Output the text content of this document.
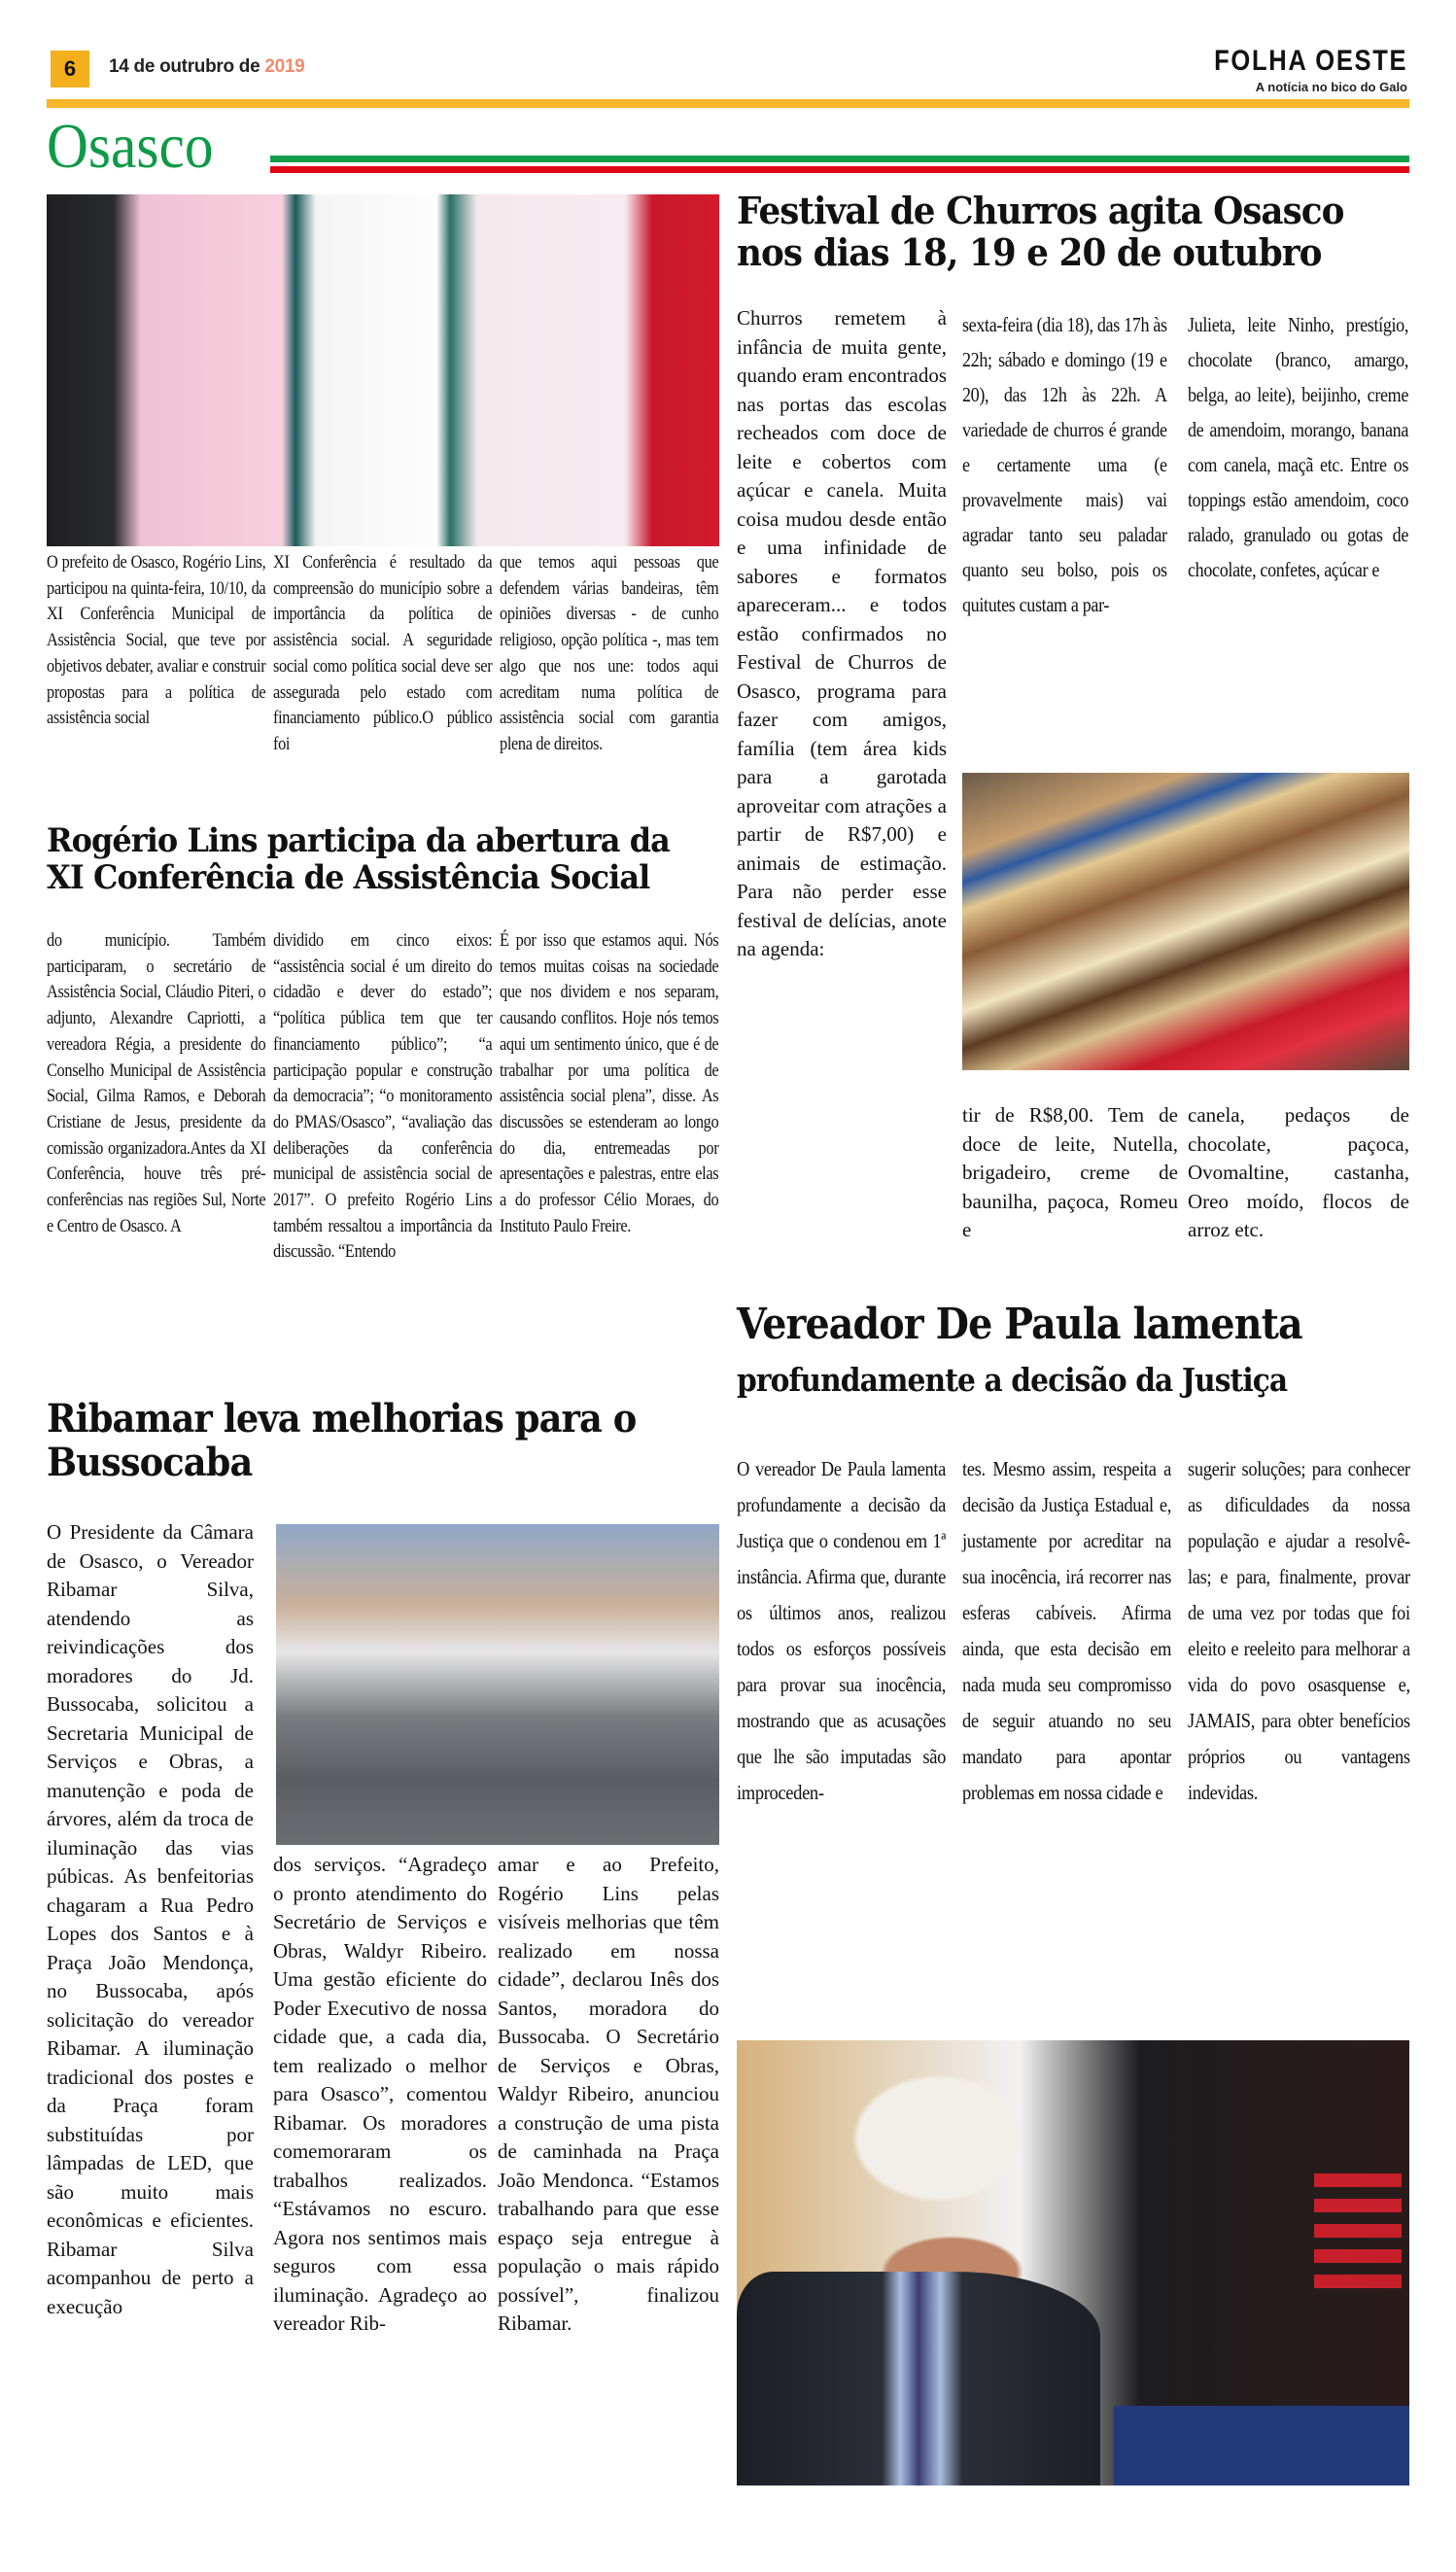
6	14 de outrubro de 2019	FOLHA OESTE
A notícia no bico do Galo
Osasco
O prefeito de Osasco, Rogério Lins, participou na quinta-feira, 10/10, da XI Conferência Municipal de Assistência Social, que teve por objetivos debater, avaliar e construir propostas para a política de assistência social
XI Conferência é resultado da compreensão do município sobre a importância da política de assistência social. A seguridade social como política social deve ser assegurada pelo estado com financiamento público.O público foi
que temos aqui pessoas que defendem várias bandeiras, têm opiniões diversas - de cunho religioso, opção política -, mas tem algo que nos une: todos aqui acreditam numa política de assistência social com garantia plena de direitos.
Rogério Lins participa da abertura da XI Conferência de Assistência Social
do município. Também participaram, o secretário de Assistência Social, Cláudio Piteri, o adjunto, Alexandre Capriotti, a vereadora Régia, a presidente do Conselho Municipal de Assistência Social, Gilma Ramos, e Deborah Cristiane de Jesus, presidente da comissão organizadora.Antes da XI Conferência, houve três pré-conferências nas regiões Sul, Norte e Centro de Osasco. A
dividido em cinco eixos: “assistência social é um direito do cidadão e dever do estado”; “política pública tem que ter financiamento público”; “a participação popular e construção da democracia”; “o monitoramento do PMAS/Osasco”, “avaliação das deliberações da conferência municipal de assistência social de 2017”. O prefeito Rogério Lins também ressaltou a importância da discussão. “Entendo
É por isso que estamos aqui. Nós temos muitas coisas na sociedade que nos dividem e nos separam, causando conflitos. Hoje nós temos aqui um sentimento único, que é de trabalhar por uma política de assistência social plena”, disse. As discussões se estenderam ao longo do dia, entremeadas por apresentações e palestras, entre elas a do professor Célio Moraes, do Instituto Paulo Freire.
Ribamar leva melhorias para o Bussocaba
O Presidente da Câmara de Osasco, o Vereador Ribamar Silva, atendendo as reivindicações dos moradores do Jd. Bussocaba, solicitou a Secretaria Municipal de Serviços e Obras, a manutenção e poda de árvores, além da troca de iluminação das vias púbicas. As benfeitorias chagaram a Rua Pedro Lopes dos Santos e à Praça João Mendonça, no Bussocaba, após solicitação do vereador Ribamar. A iluminação tradicional dos postes e da Praça foram substituídas por lâmpadas de LED, que são muito mais econômicas e eficientes. Ribamar Silva acompanhou de perto a execução
dos serviços. “Agradeço o pronto atendimento do Secretário de Serviços e Obras, Waldyr Ribeiro. Uma gestão eficiente do Poder Executivo de nossa cidade que, a cada dia, tem realizado o melhor para Osasco”, comentou Ribamar. Os moradores comemoraram os trabalhos realizados. “Estávamos no escuro. Agora nos sentimos mais seguros com essa iluminação. Agradeço ao vereador Rib-
amar e ao Prefeito, Rogério Lins pelas visíveis melhorias que têm realizado em nossa cidade”, declarou Inês dos Santos, moradora do Bussocaba. O Secretário de Serviços e Obras, Waldyr Ribeiro, anunciou a construção de uma pista de caminhada na Praça João Mendonca. “Estamos trabalhando para que esse espaço seja entregue à população o mais rápido possível”, finalizou Ribamar.
Festival de Churros agita Osasco nos dias 18, 19 e 20 de outubro
Churros remetem à infância de muita gente, quando eram encontrados nas portas das escolas recheados com doce de leite e cobertos com açúcar e canela. Muita coisa mudou desde então e uma infinidade de sabores e formatos apareceram... e todos estão confirmados no Festival de Churros de Osasco, programa para fazer com amigos, família (tem área kids para a garotada aproveitar com atrações a partir de R$7,00) e animais de estimação. Para não perder esse festival de delícias, anote na agenda:
sexta-feira (dia 18), das 17h às 22h; sábado e domingo (19 e 20), das 12h às 22h. A variedade de churros é grande e certamente uma (e provavelmente mais) vai agradar tanto seu paladar quanto seu bolso, pois os quitutes custam a par-
Julieta, leite Ninho, prestígio, chocolate (branco, amargo, belga, ao leite), beijinho, creme de amendoim, morango, banana com canela, maçã etc. Entre os toppings estão amendoim, coco ralado, granulado ou gotas de chocolate, confetes, açúcar e
tir de R$8,00. Tem de doce de leite, Nutella, brigadeiro, creme de baunilha, paçoca, Romeu e
canela, pedaços de chocolate, paçoca, Ovomaltine, castanha, Oreo moído, flocos de arroz etc.
Vereador De Paula lamenta
profundamente a decisão da Justiça
O vereador De Paula lamenta profundamente a decisão da Justiça que o condenou em 1ª instância. Afirma que, durante os últimos anos, realizou todos os esforços possíveis para provar sua inocência, mostrando que as acusações que lhe são imputadas são improceden-
tes. Mesmo assim, respeita a decisão da Justiça Estadual e, justamente por acreditar na sua inocência, irá recorrer nas esferas cabíveis. Afirma ainda, que esta decisão em nada muda seu compromisso de seguir atuando no seu mandato para apontar problemas em nossa cidade e
sugerir soluções; para conhecer as dificuldades da nossa população e ajudar a resolvê-las; e para, finalmente, provar de uma vez por todas que foi eleito e reeleito para melhorar a vida do povo osasquense e, JAMAIS, para obter benefícios próprios ou vantagens indevidas.
